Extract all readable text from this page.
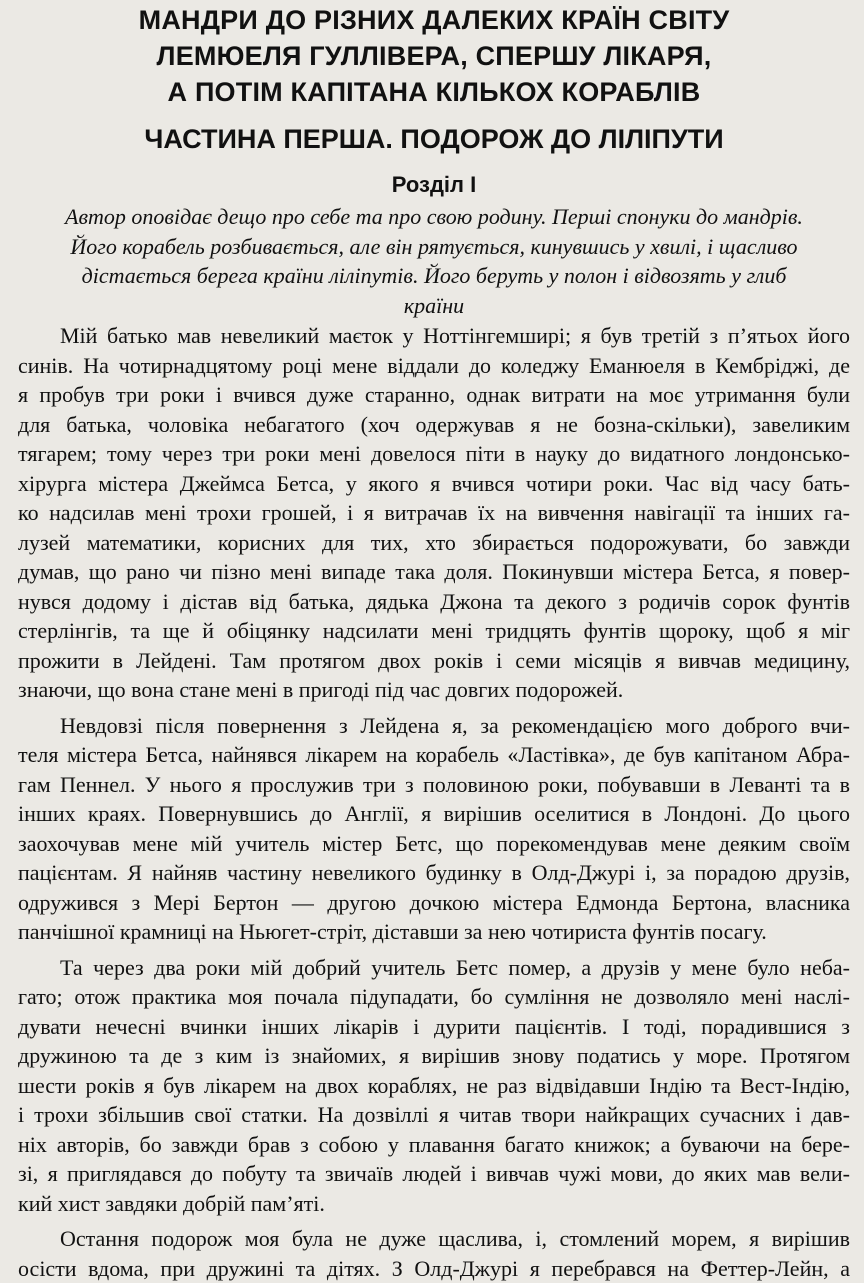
МАНДРИ ДО РІЗНИХ ДАЛЕКИХ КРАЇН СВІТУ
ЛЕМЮЕЛЯ ГУЛЛІВЕРА, СПЕРШУ ЛІКАРЯ,
А ПОТІМ КАПІТАНА КІЛЬКОХ КОРАБЛІВ
ЧАСТИНА ПЕРША. ПОДОРОЖ ДО ЛІЛІПУТИ
Розділ І
Автор оповідає дещо про себе та про свою родину. Перші спонуки до мандрів.
Його корабель розбивається, але він рятується, кинувшись у хвилі, і щасливо
дістається берега країни ліліпутів. Його беруть у полон і відвозять у глиб
країни

Мій батько мав невеликий маєток у Ноттінгемширі; я був третій з п’ятьох його
синів. На чотирнадцятому році мене віддали до коледжу Еманюеля в Кембріджі, де
я пробув три роки і вчився дуже старанно, однак витрати на моє утримання були
для батька, чоловіка небагатого (хоч одержував я не бозна-скільки), завеликим
тягарем; тому через три роки мені довелося піти в науку до видатного лондонсько-
хірурга містера Джеймса Бетса, у якого я вчився чотири роки. Час від часу бать-
ко надсилав мені трохи грошей, і я витрачав їх на вивчення навігації та інших га-
лузей математики, корисних для тих, хто збирається подорожувати, бо завжди
думав, що рано чи пізно мені випаде така доля. Покинувши містера Бетса, я повер-
нувся додому і дістав від батька, дядька Джона та декого з родичів сорок фунтів
стерлінгів, та ще й обіцянку надсилати мені тридцять фунтів щороку, щоб я міг
прожити в Лейдені. Там протягом двох років і семи місяців я вивчав медицину,
знаючи, що вона стане мені в пригоді під час довгих подорожей.

Невдовзі після повернення з Лейдена я, за рекомендацією мого доброго вчи-
теля містера Бетса, найнявся лікарем на корабель «Ластівка», де був капітаном Абра-
гам Пеннел. У нього я прослужив три з половиною роки, побувавши в Леванті та в
інших краях. Повернувшись до Англії, я вирішив оселитися в Лондоні. До цього
заохочував мене мій учитель містер Бетс, що порекомендував мене деяким своїм
пацієнтам. Я найняв частину невеликого будинку в Олд-Джурі і, за порадою друзів,
одружився з Мері Бертон — другою дочкою містера Едмонда Бертона, власника
панчішної крамниці на Ньюгет-стріт, діставши за нею чотириста фунтів посагу.

Та через два роки мій добрий учитель Бетс помер, а друзів у мене було неба-
гато; отож практика моя почала підупадати, бо сумління не дозволяло мені наслі-
дувати нечесні вчинки інших лікарів і дурити пацієнтів. І тоді, порадившися з
дружиною та де з ким із знайомих, я вирішив знову податись у море. Протягом
шести років я був лікарем на двох кораблях, не раз відвідавши Індію та Вест-Індію,
і трохи збільшив свої статки. На дозвіллі я читав твори найкращих сучасних і дав-
ніх авторів, бо завжди брав з собою у плавання багато книжок; а буваючи на бере-
зі, я приглядався до побуту та звичаїв людей і вивчав чужі мови, до яких мав вели-
кий хист завдяки добрій пам’яті.

Остання подорож моя була не дуже щаслива, і, стомлений морем, я вирішив
осісти вдома, при дружині та дітях. З Олд-Джурі я перебрався на Феттер-Лейн, а
